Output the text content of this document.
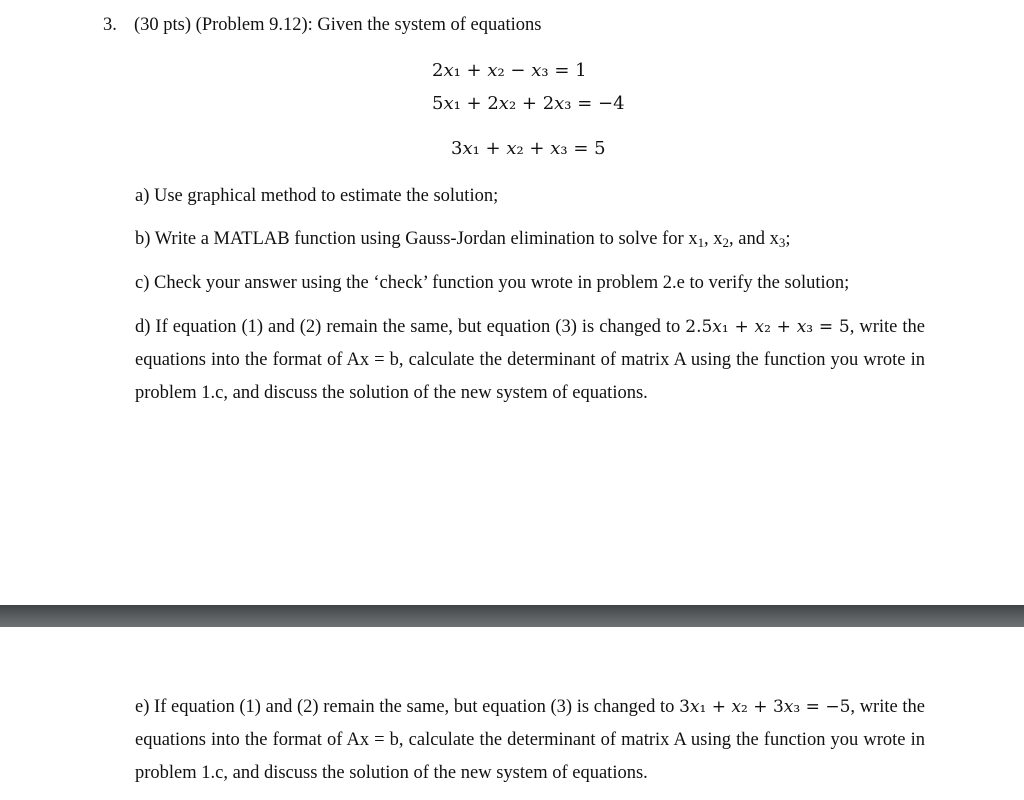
3. (30 pts) (Problem 9.12): Given the system of equations
2𝑥₁ + 𝑥₂ − 𝑥₃ = 1
5𝑥₁ + 2𝑥₂ + 2𝑥₃ = −4
3𝑥₁ + 𝑥₂ + 𝑥₃ = 5
a) Use graphical method to estimate the solution;
b) Write a MATLAB function using Gauss-Jordan elimination to solve for $x_1$, $x_2$, and $x_3$;
c) Check your answer using the ‘check’ function you wrote in problem 2.e to verify the solution;
d) If equation (1) and (2) remain the same, but equation (3) is changed to 2.5𝑥₁ + 𝑥₂ + 𝑥₃ = 5, write the equations into the format of Ax = b, calculate the determinant of matrix A using the function you wrote in problem 1.c, and discuss the solution of the new system of equations.
e) If equation (1) and (2) remain the same, but equation (3) is changed to 3𝑥₁ + 𝑥₂ + 3𝑥₃ = −5, write the equations into the format of Ax = b, calculate the determinant of matrix A using the function you wrote in problem 1.c, and discuss the solution of the new system of equations.
